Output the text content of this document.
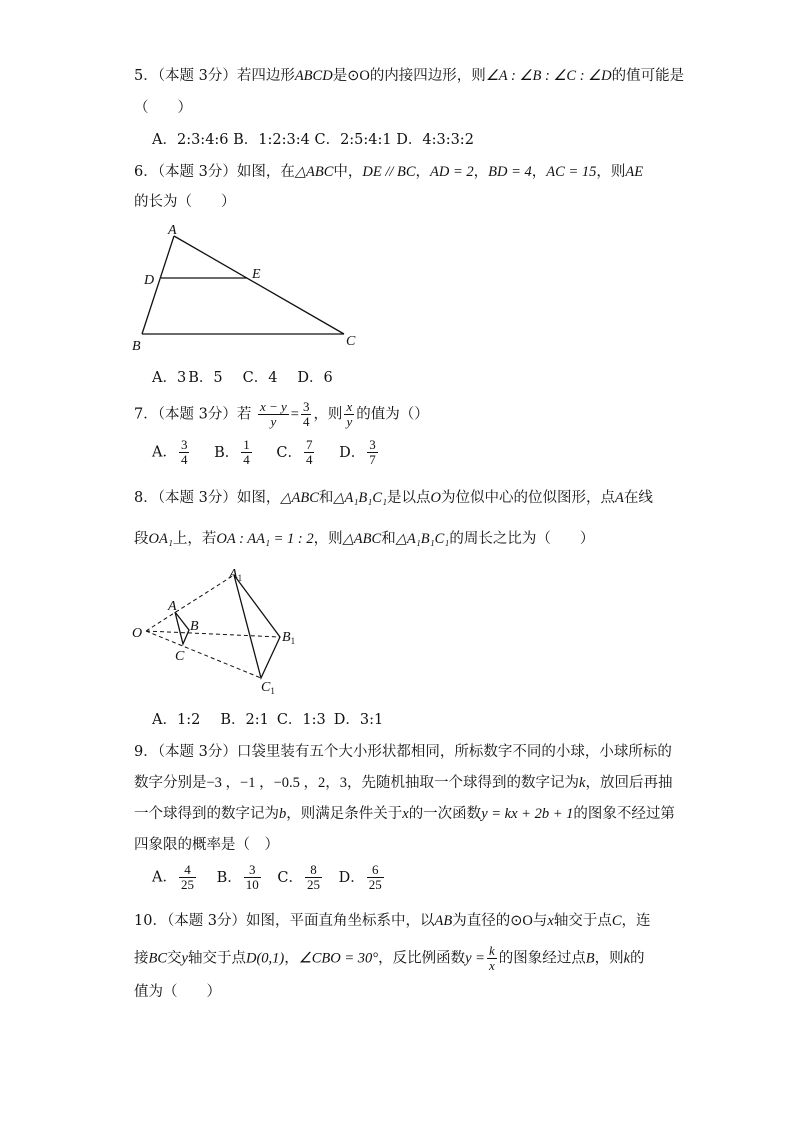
5．（本题 3分）若四边形ABCD是⊙O的内接四边形，则∠A : ∠B : ∠C : ∠D的值可能是
（　　）
A．2:3:4:6 B．1:2:3:4 C．2:5:4:1 D．4:3:3:2
6．（本题 3分）如图，在△ABC中，DE // BC，AD = 2，BD = 4，AC = 15，则AE
的长为（　　）
A
D	E
B	C
A．3 B．5 C．4 D．6
7．（本题 3分）若 $\frac{x - y}{y} = \frac{3}{4}$ ，则 $\frac{x}{y}$ 的值为（）
A． $\frac{3}{4}$ B． $\frac{1}{4}$ C． $\frac{7}{4}$ D． $\frac{3}{7}$
8．（本题 3分）如图，△ABC和△A₁B₁C₁是以点O为位似中心的位似图形，点A在线
段OA₁上，若OA : AA₁ = 1 : 2，则△ABC和△A₁B₁C₁的周长之比为（　　）
O
A
B
C
$A_1$
$B_1$
$C_1$
A．1:2 B．2:1 C．1:3 D．3:1
9．（本题 3分）口袋里装有五个大小形状都相同，所标数字不同的小球，小球所标的
数字分别是−3 ，−1 ，−0.5 ，2，3，先随机抽取一个球得到的数字记为k，放回后再抽
一个球得到的数字记为b，则满足条件关于x的一次函数y = kx + 2b + 1的图象不经过第
四象限的概率是（　）
A． $\frac{4}{25}$ B． $\frac{3}{10}$ C． $\frac{8}{25}$ D． $\frac{6}{25}$
10．（本题 3分）如图，平面直角坐标系中，以AB为直径的⊙O与x轴交于点C，连
接BC交y轴交于点D(0,1)，∠CBO = 30°，反比例函数$y = \frac{k}{x}$ 的图象经过点B，则k的
值为（　　）
